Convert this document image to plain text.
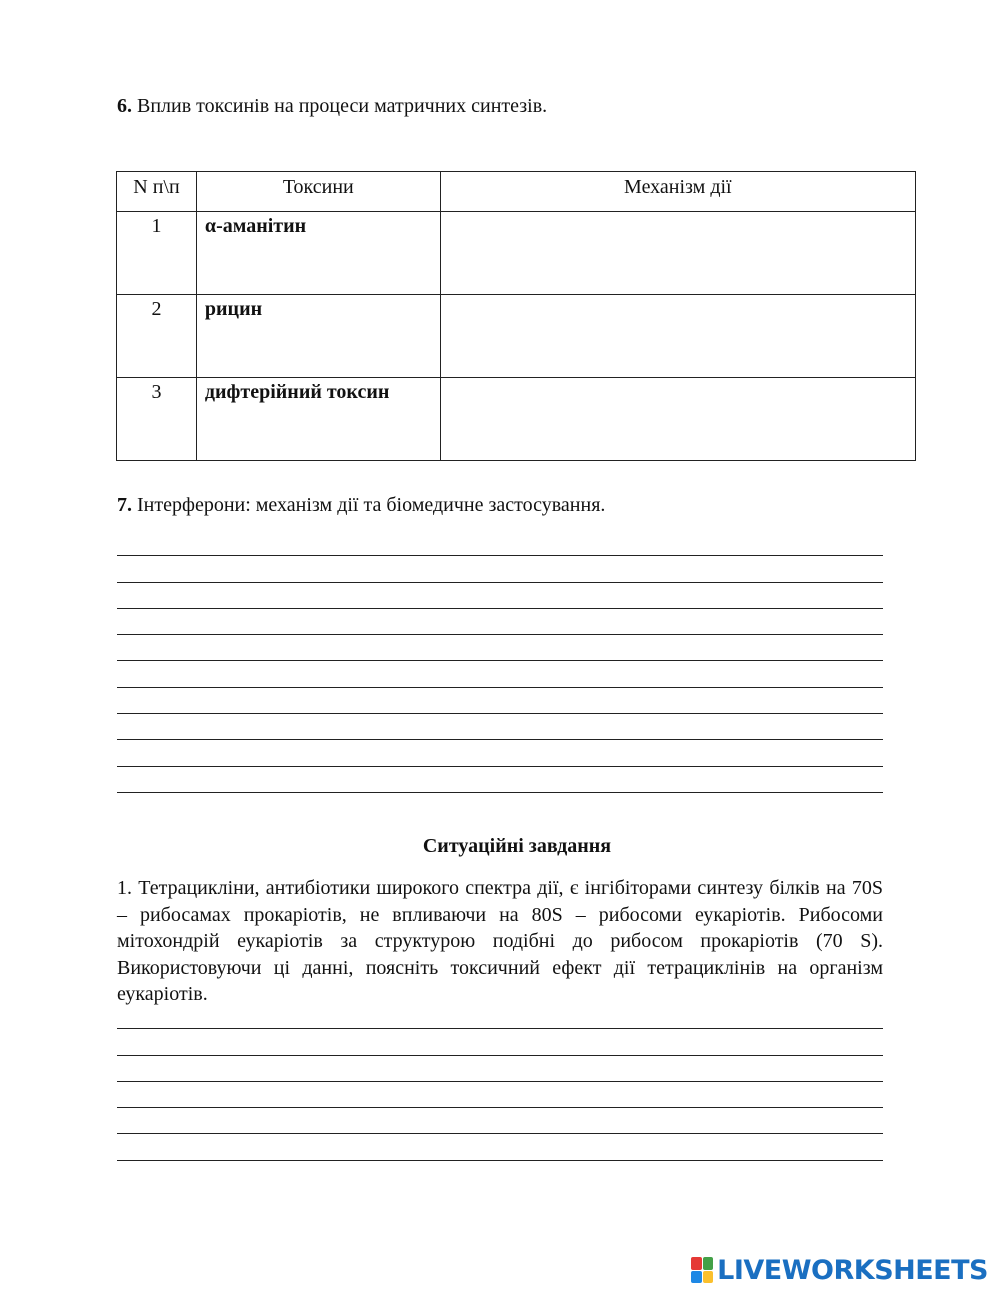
6. Вплив токсинів на процеси матричних синтезів.
N п\п	Токсини	Механізм дії
1	α-аманітин	
2	рицин	
3	дифтерійний токсин	
7. Інтерферони: механізм дії та біомедичне застосування.
Ситуаційні завдання
1. Тетрацикліни, антибіотики широкого спектра дії, є інгібіторами синтезу білків на 70S – рибосамах прокаріотів, не впливаючи на 80S – рибосоми еукаріотів. Рибосоми мітохондрій еукаріотів за структурою подібні до рибосом прокаріотів (70 S). Використовуючи ці данні, поясніть токсичний ефект дії тетрациклінів на організм еукаріотів.
LIVEWORKSHEETS
